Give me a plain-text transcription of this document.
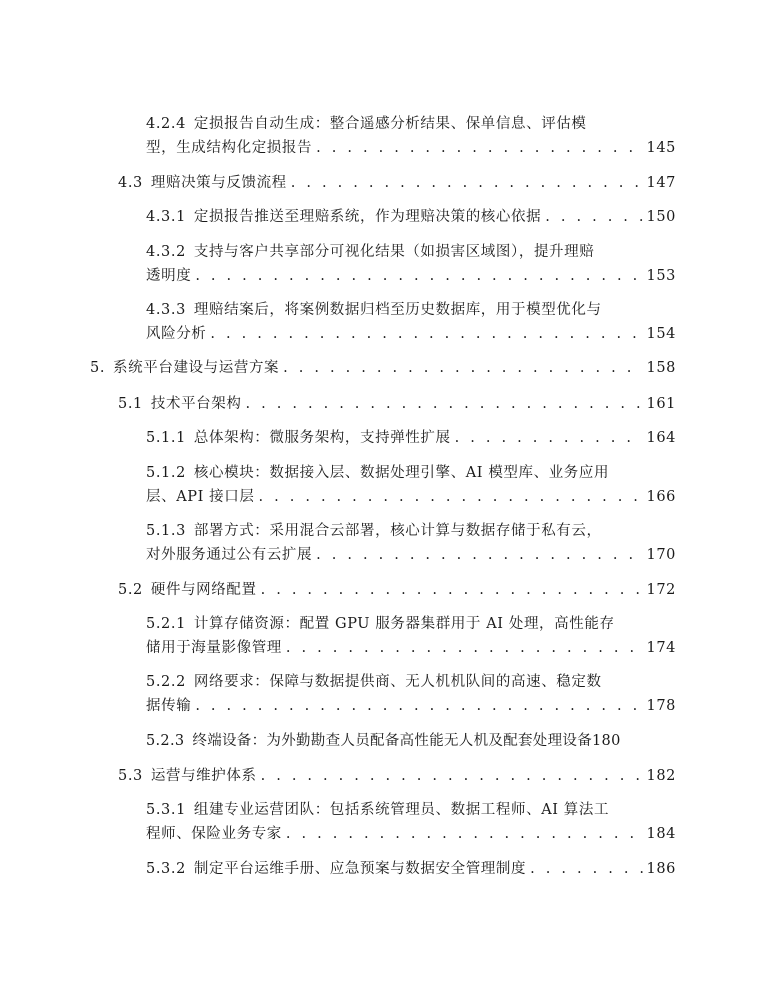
4.2.4 定损报告自动生成：整合遥感分析结果、保单信息、评估模
型，生成结构化定损报告 . . .	145
4.3 理赔决策与反馈流程 . . .	147
4.3.1 定损报告推送至理赔系统，作为理赔决策的核心依据 . . .	150
4.3.2 支持与客户共享部分可视化结果（如损害区域图），提升理赔
透明度 . . .	153
4.3.3 理赔结案后，将案例数据归档至历史数据库，用于模型优化与
风险分析 . . .	154
5. 系统平台建设与运营方案 . . .	158
5.1 技术平台架构 . . .	161
5.1.1 总体架构：微服务架构，支持弹性扩展 . . .	164
5.1.2 核心模块：数据接入层、数据处理引擎、AI 模型库、业务应用
层、API 接口层 . . .	166
5.1.3 部署方式：采用混合云部署，核心计算与数据存储于私有云，
对外服务通过公有云扩展 . . .	170
5.2 硬件与网络配置 . . .	172
5.2.1 计算存储资源：配置 GPU 服务器集群用于 AI 处理，高性能存
储用于海量影像管理 . . .	174
5.2.2 网络要求：保障与数据提供商、无人机机队间的高速、稳定数
据传输 . . .	178
5.2.3 终端设备：为外勤勘查人员配备高性能无人机及配套处理设备 180
5.3 运营与维护体系 . . .	182
5.3.1 组建专业运营团队：包括系统管理员、数据工程师、AI 算法工
程师、保险业务专家 . . .	184
5.3.2 制定平台运维手册、应急预案与数据安全管理制度 . . .	186
